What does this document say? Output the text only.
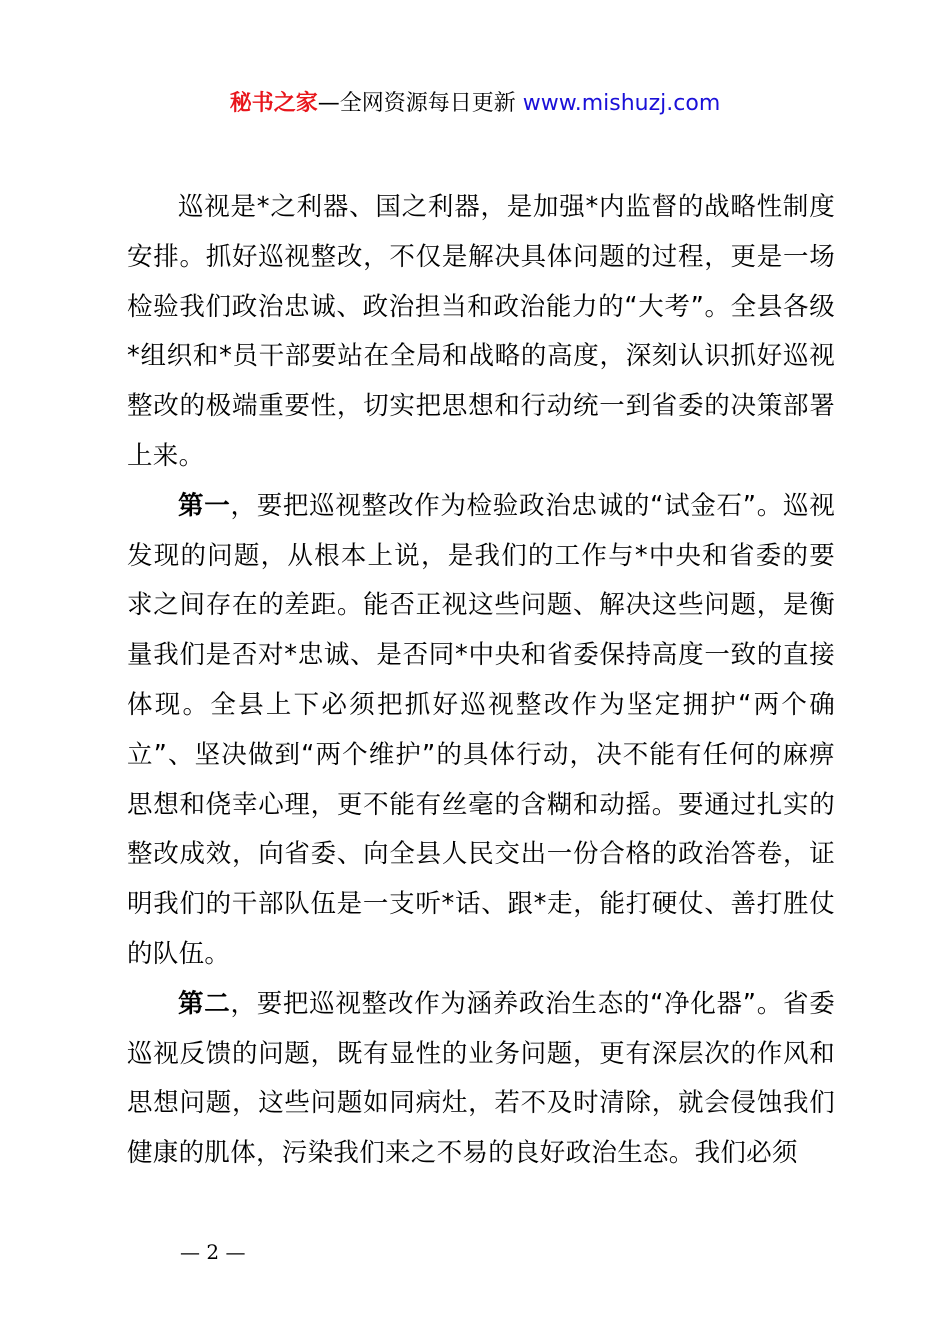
秘书之家—全网资源每日更新 www.mishuzj.com

巡视是*之利器、国之利器，是加强*内监督的战略性制度安排。抓好巡视整改，不仅是解决具体问题的过程，更是一场检验我们政治忠诚、政治担当和政治能力的“大考”。全县各级*组织和*员干部要站在全局和战略的高度，深刻认识抓好巡视整改的极端重要性，切实把思想和行动统一到省委的决策部署上来。

第一，要把巡视整改作为检验政治忠诚的“试金石”。巡视发现的问题，从根本上说，是我们的工作与*中央和省委的要求之间存在的差距。能否正视这些问题、解决这些问题，是衡量我们是否对*忠诚、是否同*中央和省委保持高度一致的直接体现。全县上下必须把抓好巡视整改作为坚定拥护“两个确立”、坚决做到“两个维护”的具体行动，决不能有任何的麻痹思想和侥幸心理，更不能有丝毫的含糊和动摇。要通过扎实的整改成效，向省委、向全县人民交出一份合格的政治答卷，证明我们的干部队伍是一支听*话、跟*走，能打硬仗、善打胜仗的队伍。

第二，要把巡视整改作为涵养政治生态的“净化器”。省委巡视反馈的问题，既有显性的业务问题，更有深层次的作风和思想问题，这些问题如同病灶，若不及时清除，就会侵蚀我们健康的肌体，污染我们来之不易的良好政治生态。我们必须

— 2 —
